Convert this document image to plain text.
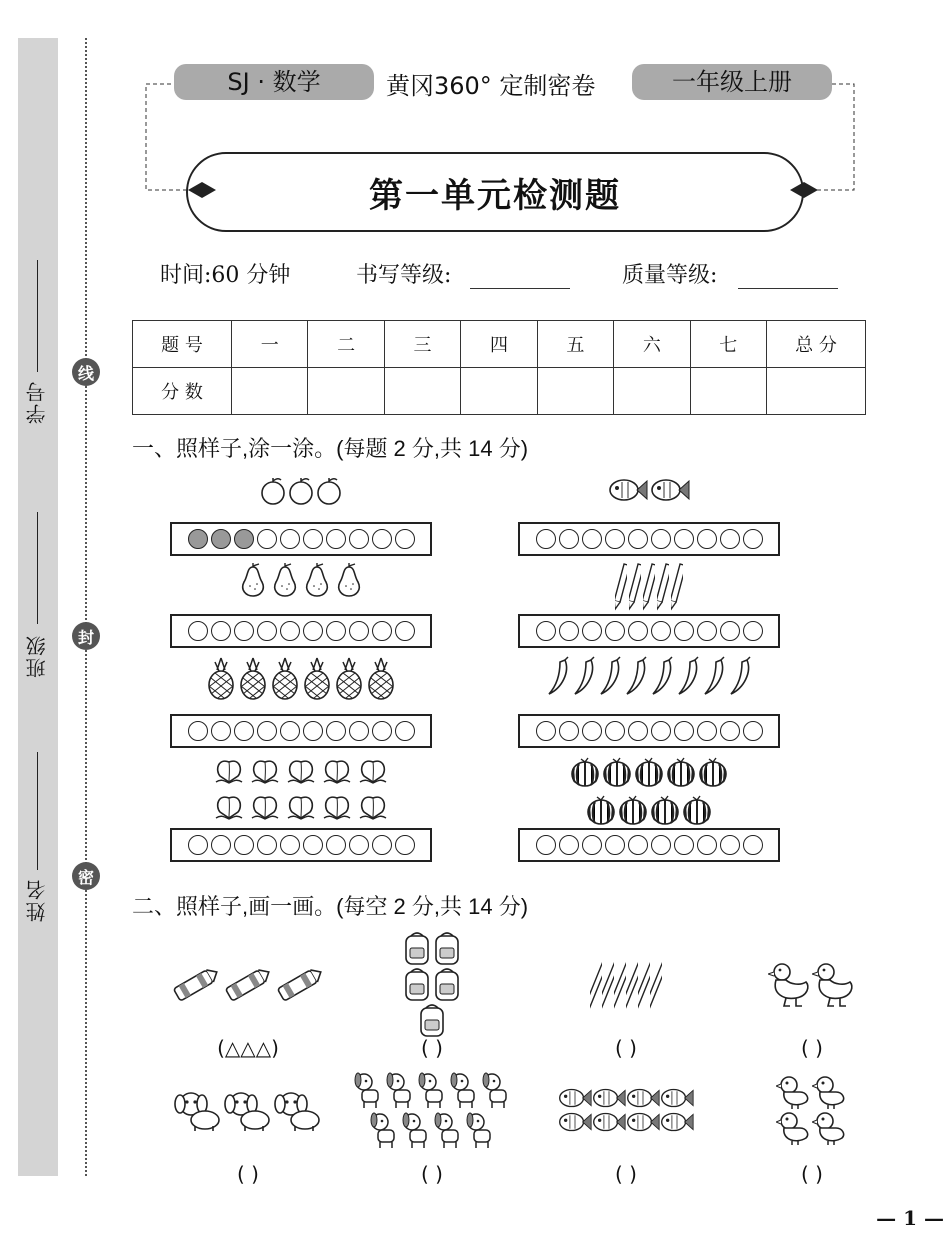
学号
班级
姓名
线
封
密
SJ · 数学	黄冈360° 定制密卷	一年级上册
第一单元检测题
时间:60 分钟	书写等级:	质量等级:
题 号	一	二	三	四	五	六	七	总 分
分 数								
一、照样子,涂一涂。(每题 2 分,共 14 分)
二、照样子,画一画。(每空 2 分,共 14 分)
(△△△)	( )	( )	( )
( )	( )	( )	( )
— 1 —
